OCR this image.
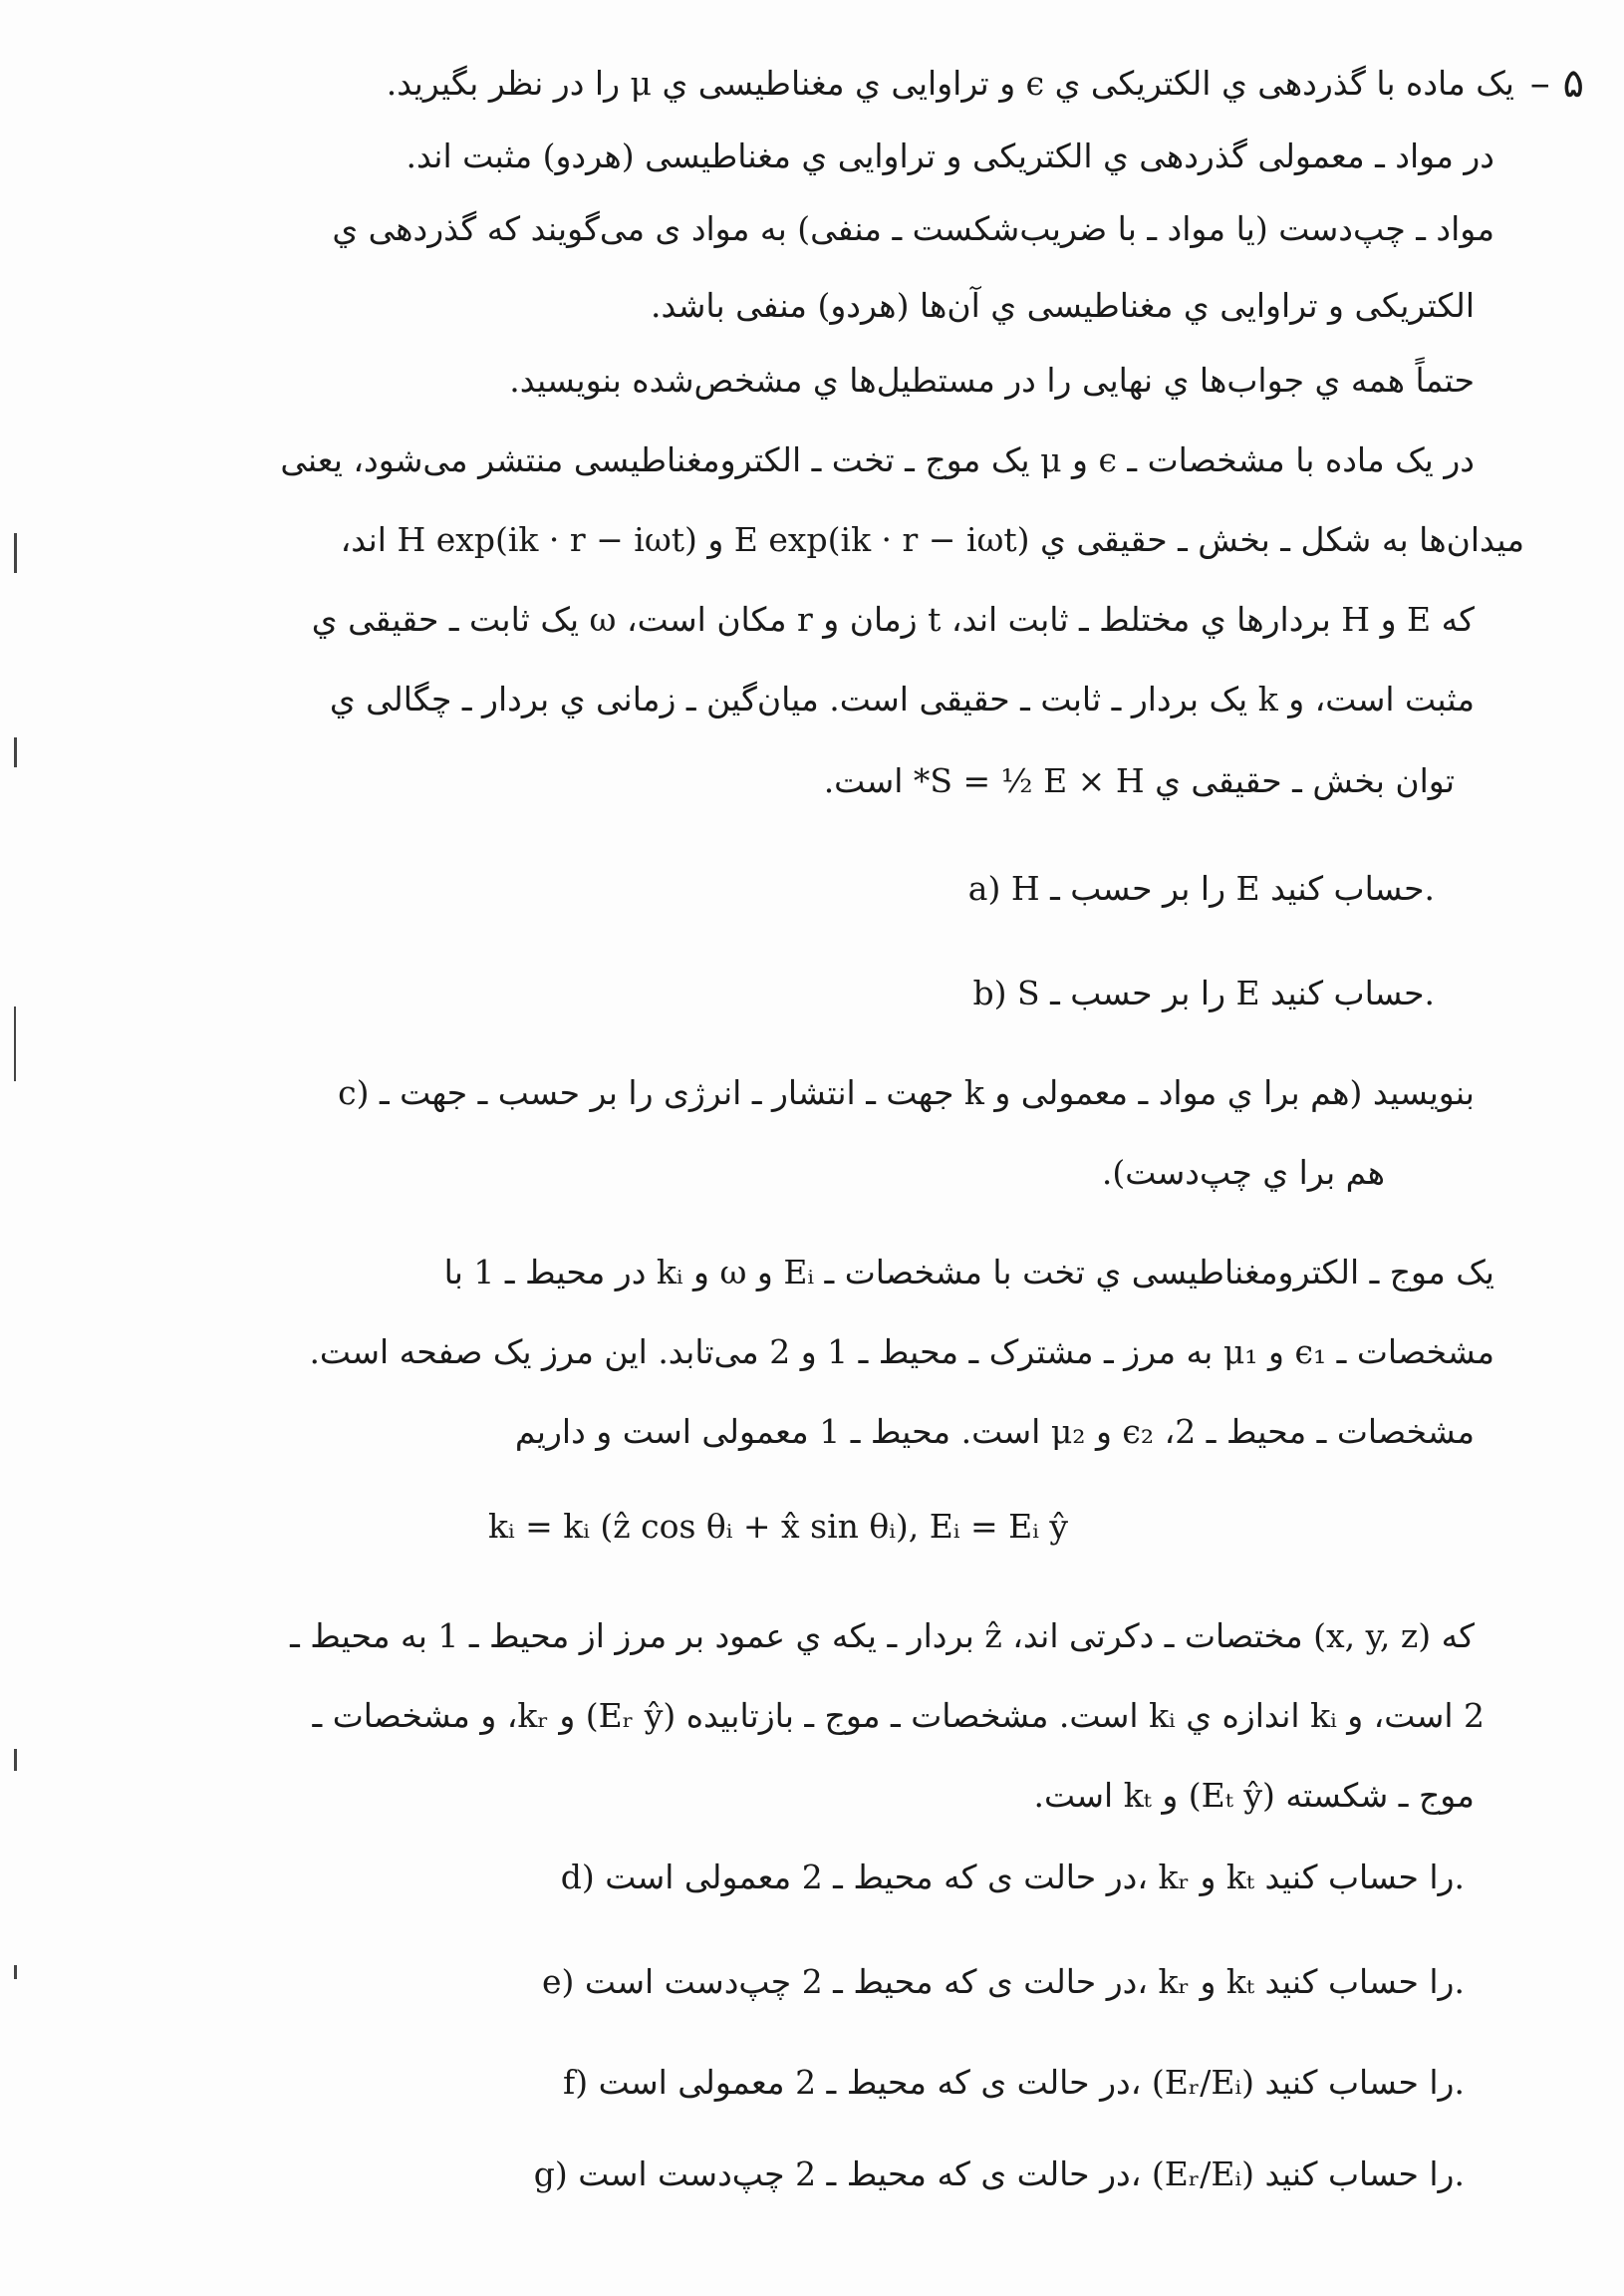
۵ –
یک ماده با گذردهی ي الکتریکی ي ϵ و تراوایی ي مغناطیسی ي μ را در نظر بگیرید.
در مواد ـ معمولی گذردهی ي الکتریکی و تراوایی ي مغناطیسی (هردو) مثبت اند.
مواد ـ چپ‌دست (یا مواد ـ با ضریب‌شکست ـ منفی) به مواد ی می‌گویند که گذردهی ي
الکتریکی و تراوایی ي مغناطیسی ي آن‌ها (هردو) منفی باشد.
حتماً همه ي جواب‌ها ي نهایی را در مستطیل‌ها ي مشخص‌شده بنویسید.
در یک ماده با مشخصات ـ ϵ و μ یک موج ـ تخت ـ الکترومغناطیسی منتشر می‌شود، یعنی
میدان‌ها به شکل ـ بخش ـ حقیقی ي E exp(ik · r − iωt) و H exp(ik · r − iωt) اند،
که E و H بردارها ي مختلط ـ ثابت اند، t زمان و r مکان است، ω یک ثابت ـ حقیقی ي
مثبت است، و k یک بردار ـ ثابت ـ حقیقی است. میان‌گین ـ زمانی ي بردار ـ چگالی ي
توان بخش ـ حقیقی ي S = ½ E × H* است.
a) H را بر حسب ـ E حساب کنید.
b) S را بر حسب ـ E حساب کنید.
c) جهت ـ انتشار ـ انرژی را بر حسب ـ جهت ـ k بنویسید (هم برا ي مواد ـ معمولی و
هم برا ي چپ‌دست).
یک موج ـ الکترومغناطیسی ي تخت با مشخصات ـ Eᵢ و ω و kᵢ در محیط ـ 1 با
مشخصات ـ ϵ₁ و μ₁ به مرز ـ مشترک ـ محیط ـ 1 و 2 می‌تابد. این مرز یک صفحه است.
مشخصات ـ محیط ـ 2، ϵ₂ و μ₂ است. محیط ـ 1 معمولی است و داریم
kᵢ = kᵢ (ẑ cos θᵢ + x̂ sin θᵢ), Eᵢ = Eᵢ ŷ
که (x, y, z) مختصات ـ دکرتی اند، ẑ بردار ـ یکه ي عمود بر مرز از محیط ـ 1 به محیط ـ
2 است، و kᵢ اندازه ي kᵢ است. مشخصات ـ موج ـ بازتابیده (Eᵣ ŷ) و kᵣ، و مشخصات ـ
موج ـ شکسته (Eₜ ŷ) و kₜ است.
d) در حالت ی که محیط ـ 2 معمولی است، kᵣ و kₜ را حساب کنید.
e) در حالت ی که محیط ـ 2 چپ‌دست است، kᵣ و kₜ را حساب کنید.
f) در حالت ی که محیط ـ 2 معمولی است، (Eᵣ/Eᵢ) را حساب کنید.
g) در حالت ی که محیط ـ 2 چپ‌دست است، (Eᵣ/Eᵢ) را حساب کنید.
